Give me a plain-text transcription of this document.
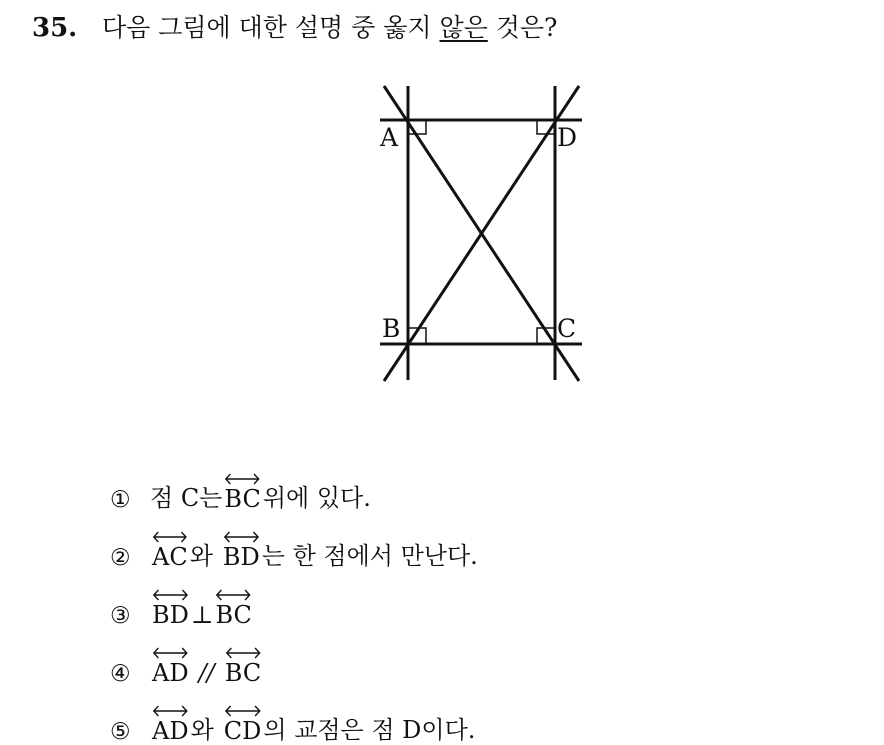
35. 다음 그림에 대한 설명 중 옳지 않은 것은?
A	D
B	C
① 점 C는 BC 위에 있다.
② AC 와 BD 는 한 점에서 만난다.
③ BD ⊥ BC
④ AD // BC
⑤ AD 와 CD 의 교점은 점 D이다.
